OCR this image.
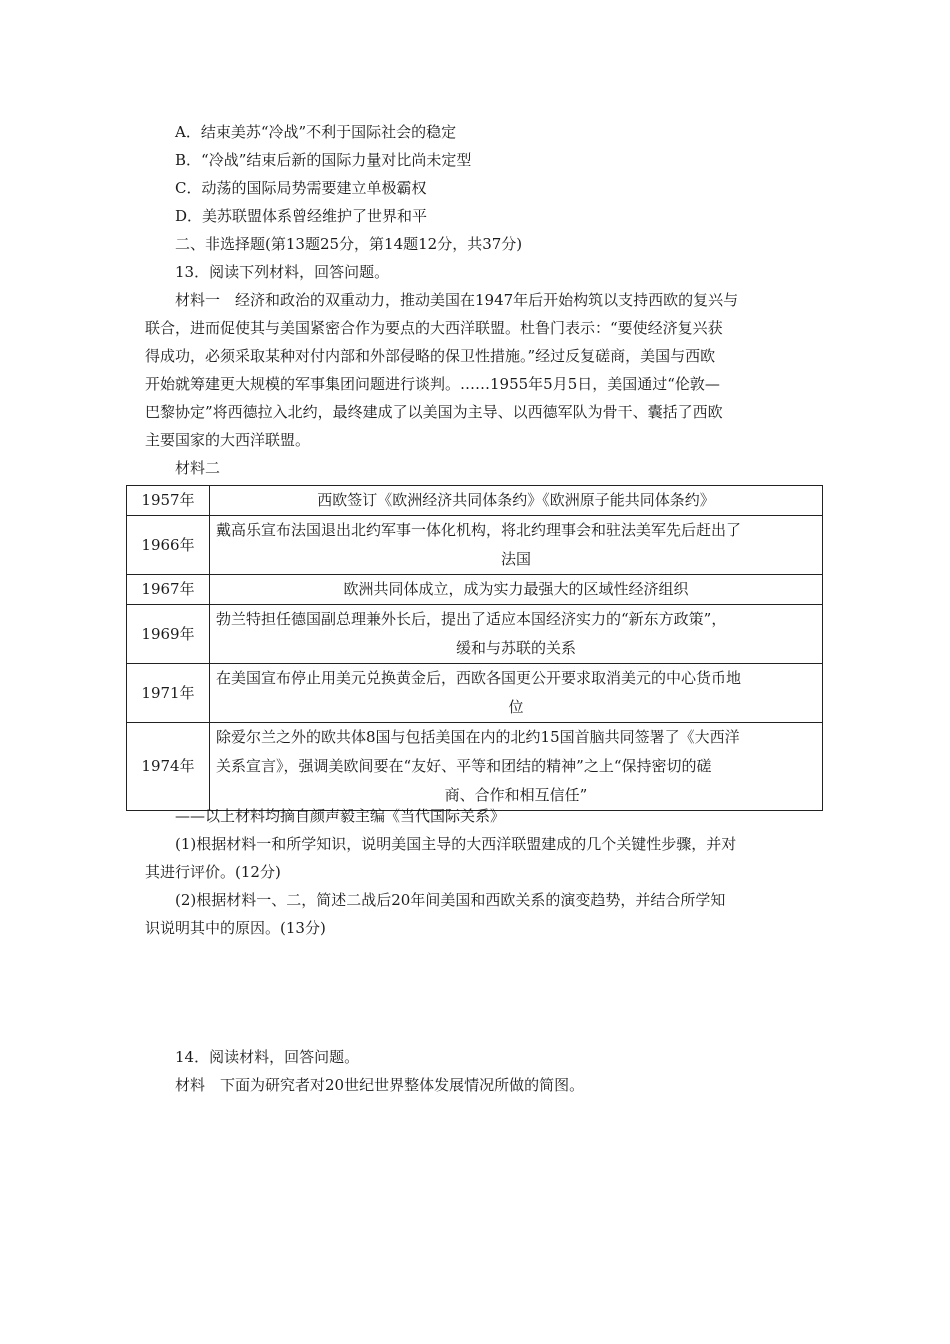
A．结束美苏“冷战”不利于国际社会的稳定
B．“冷战”结束后新的国际力量对比尚未定型
C．动荡的国际局势需要建立单极霸权
D．美苏联盟体系曾经维护了世界和平
二、非选择题(第13题25分，第14题12分，共37分)
13．阅读下列材料，回答问题。
材料一　经济和政治的双重动力，推动美国在1947年后开始构筑以支持西欧的复兴与
联合，进而促使其与美国紧密合作为要点的大西洋联盟。杜鲁门表示：“要使经济复兴获
得成功，必须采取某种对付内部和外部侵略的保卫性措施。”经过反复磋商，美国与西欧
开始就筹建更大规模的军事集团问题进行谈判。……1955年5月5日，美国通过“伦敦—
巴黎协定”将西德拉入北约，最终建成了以美国为主导、以西德军队为骨干、囊括了西欧
主要国家的大西洋联盟。
材料二
1957年	西欧签订《欧洲经济共同体条约》《欧洲原子能共同体条约》

1966年	戴高乐宣布法国退出北约军事一体化机构，将北约理事会和驻法美军先后赶出了
法国

1967年	欧洲共同体成立，成为实力最强大的区域性经济组织

1969年	勃兰特担任德国副总理兼外长后，提出了适应本国经济实力的“新东方政策”，
缓和与苏联的关系

1971年	在美国宣布停止用美元兑换黄金后，西欧各国更公开要求取消美元的中心货币地
位

1974年	除爱尔兰之外的欧共体8国与包括美国在内的北约15国首脑共同签署了《大西洋
关系宣言》，强调美欧间要在“友好、平等和团结的精神”之上“保持密切的磋
商、合作和相互信任”
——以上材料均摘自颜声毅主编《当代国际关系》
(1)根据材料一和所学知识，说明美国主导的大西洋联盟建成的几个关键性步骤，并对
其进行评价。(12分)
(2)根据材料一、二，简述二战后20年间美国和西欧关系的演变趋势，并结合所学知
识说明其中的原因。(13分)
14．阅读材料，回答问题。
材料　下面为研究者对20世纪世界整体发展情况所做的简图。
